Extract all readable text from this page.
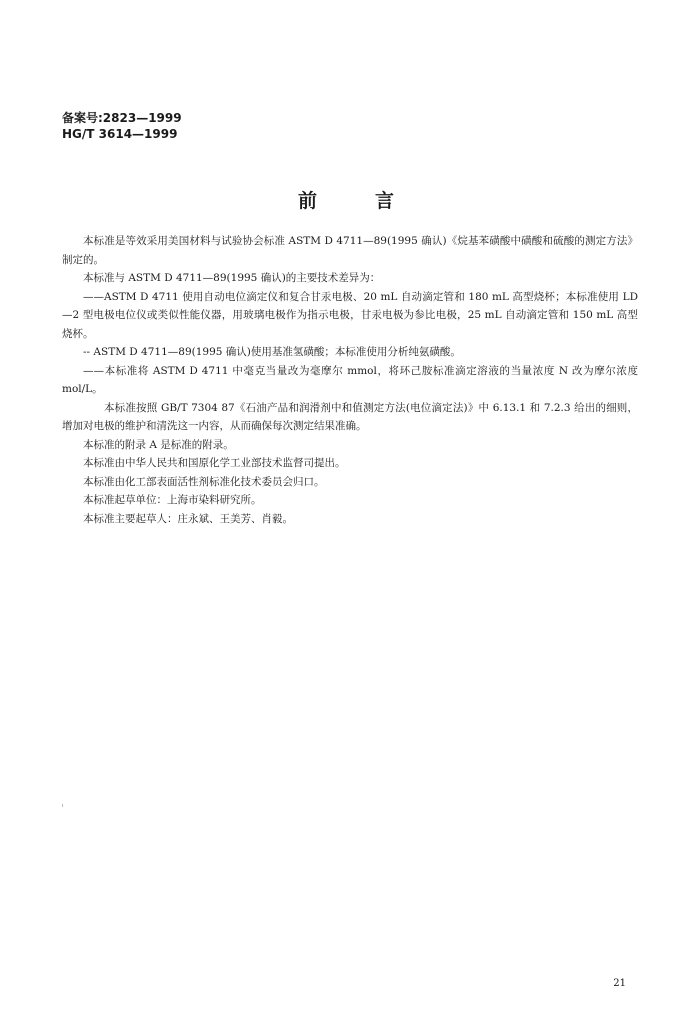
备案号:2823—1999
HG/T 3614—1999
前言

本标准是等效采用美国材料与试验协会标准 ASTM D 4711—89(1995 确认)《烷基苯磺酸中磺酸和硫酸的测定方法》制定的。

本标准与 ASTM D 4711—89(1995 确认)的主要技术差异为：

——ASTM D 4711 使用自动电位滴定仪和复合甘汞电极、20 mL 自动滴定管和 180 mL 高型烧杯；本标准使用 LD—2 型电极电位仪或类似性能仪器，用玻璃电极作为指示电极，甘汞电极为参比电极，25 mL 自动滴定管和 150 mL 高型烧杯。

-- ASTM D 4711—89(1995 确认)使用基准氢磺酸；本标准使用分析纯氨磺酸。

——本标准将 ASTM D 4711 中毫克当量改为毫摩尔 mmol，将环己胺标准滴定溶液的当量浓度 N 改为摩尔浓度 mol/L。

本标准按照 GB/T 7304 87《石油产品和润滑剂中和值测定方法(电位滴定法)》中 6.13.1 和 7.2.3 给出的细则，增加对电极的维护和清洗这一内容，从而确保每次测定结果准确。

本标准的附录 A 是标准的附录。

本标准由中华人民共和国原化学工业部技术监督司提出。

本标准由化工部表面活性剂标准化技术委员会归口。

本标准起草单位：上海市染料研究所。

本标准主要起草人：庄永斌、王美芳、肖毅。

21
